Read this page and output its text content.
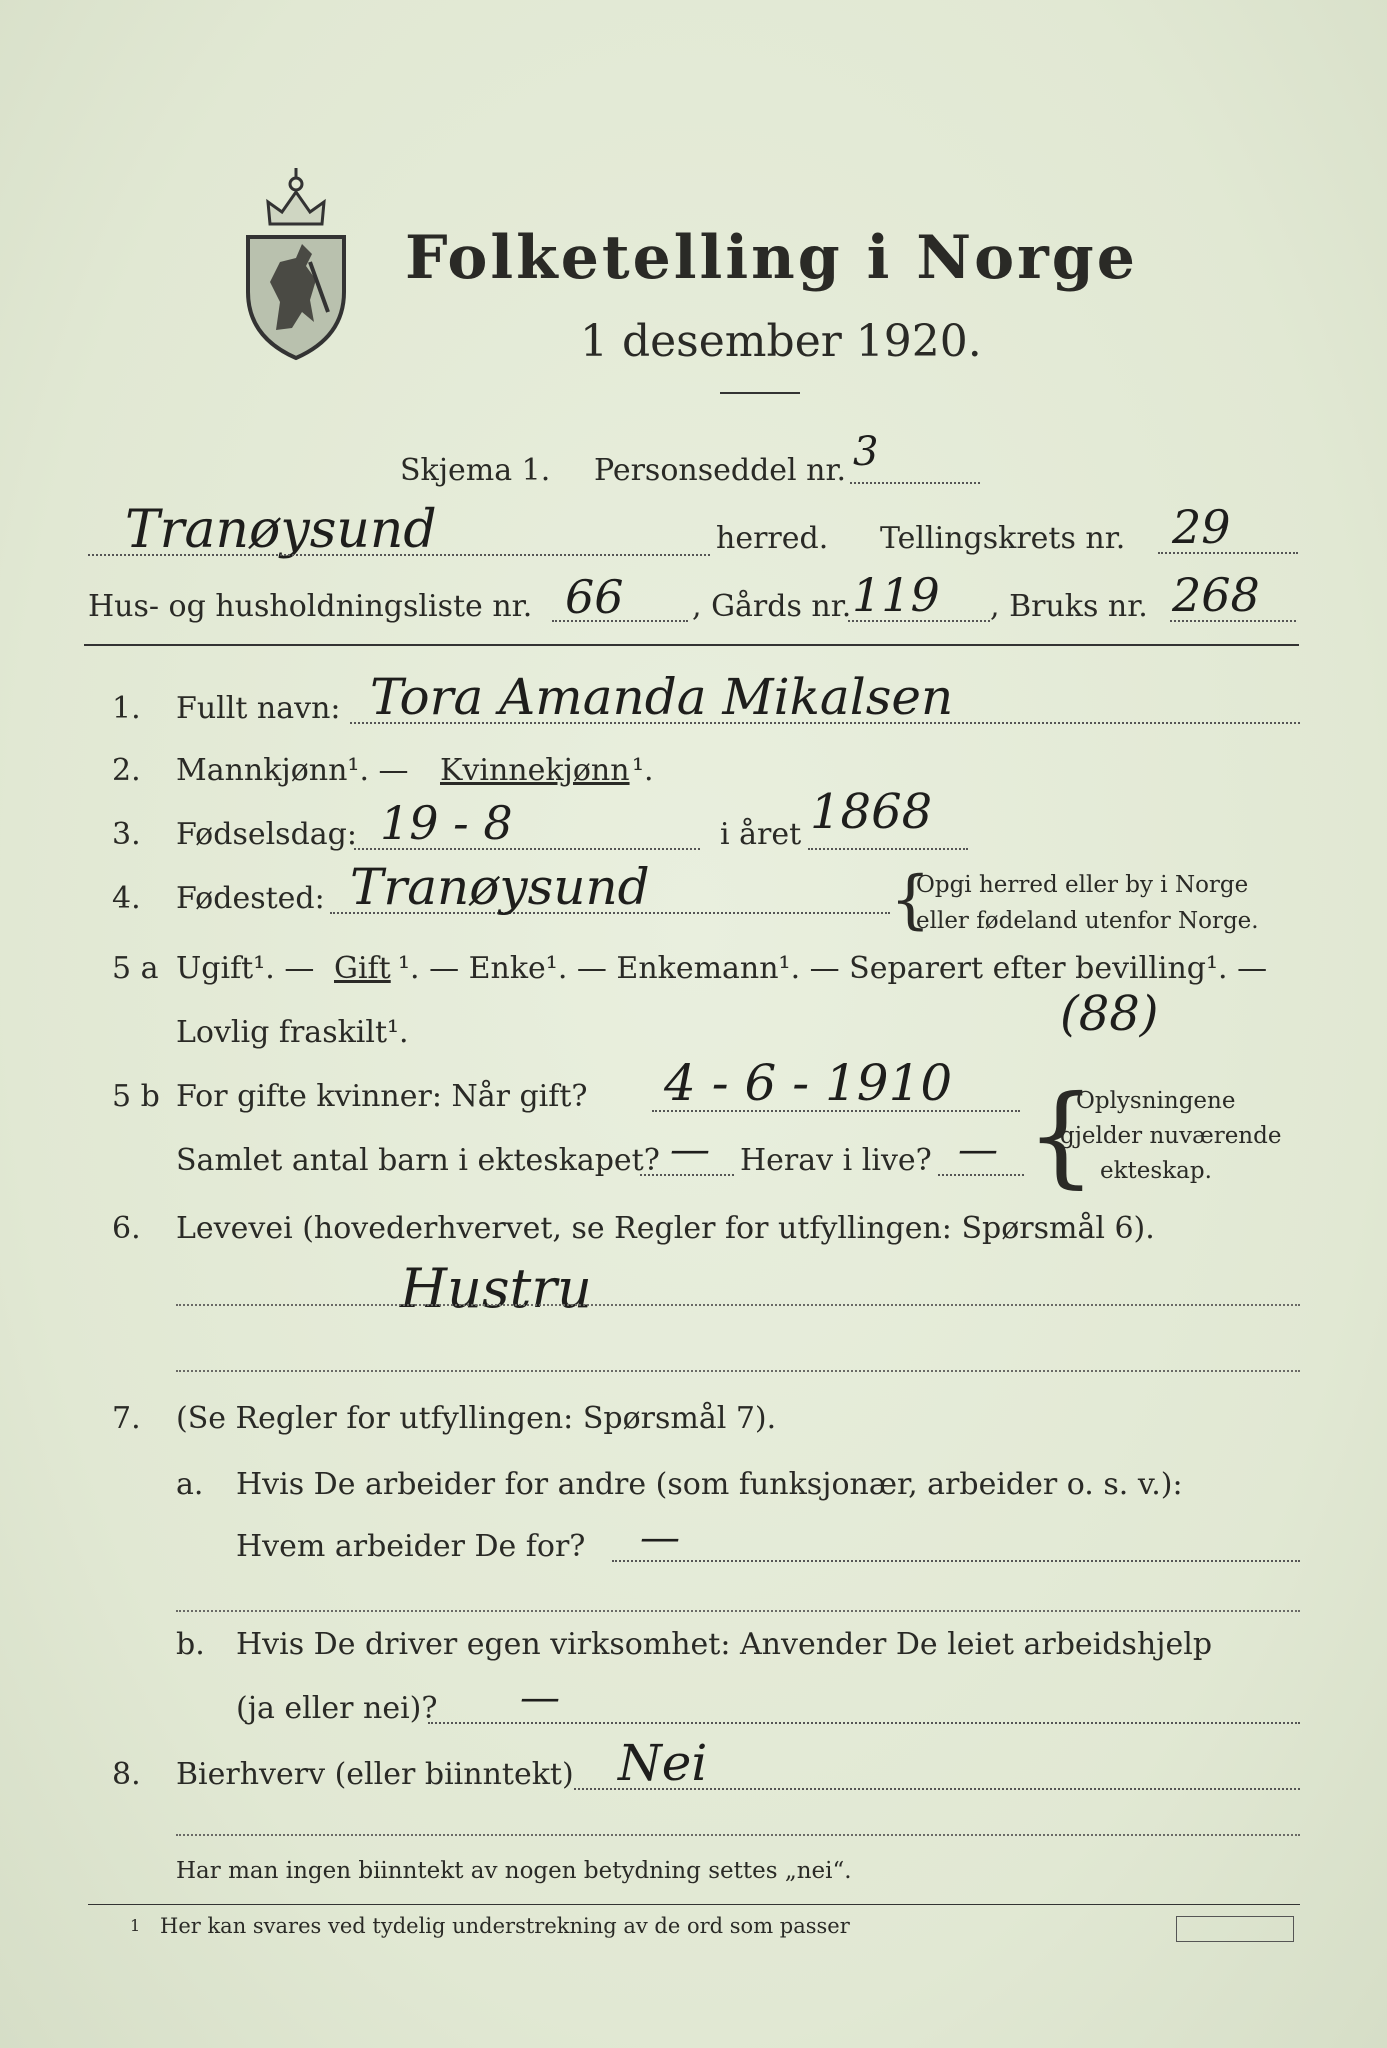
Folketelling i Norge
1 desember 1920.
Skjema 1. Personseddel nr. 3
Tranøysund	herred. Tellingskrets nr. 29
Hus- og husholdningsliste nr. 66 , Gårds nr. 119 , Bruks nr. 268
1. Fullt navn: Tora Amanda Mikalsen
2. Mannkjønn¹. — Kvinnekjønn ¹.
3. Fødselsdag: 19 - 8	i året 1868
4. Fødested: Tranøysund	{
Opgi herred eller by i Norge
eller fødeland utenfor Norge.
5 a Ugift¹. — Gift ¹. — Enke¹. — Enkemann¹. — Separert efter bevilling¹. —
Lovlig fraskilt¹.	(88)
5 b For gifte kvinner: Når gift? 4 - 6 - 1910
Samlet antal barn i ekteskapet? — Herav i live? — {
Oplysningene
gjelder nuværende
ekteskap.
6. Levevei (hovederhvervet, se Regler for utfyllingen: Spørsmål 6).
Hustru
7. (Se Regler for utfyllingen: Spørsmål 7).
a. Hvis De arbeider for andre (som funksjonær, arbeider o. s. v.):
Hvem arbeider De for? —
b. Hvis De driver egen virksomhet: Anvender De leiet arbeidshjelp
(ja eller nei)? —
8. Bierhverv (eller biinntekt) Nei
Har man ingen biinntekt av nogen betydning settes „nei“.
1 Her kan svares ved tydelig understrekning av de ord som passer
